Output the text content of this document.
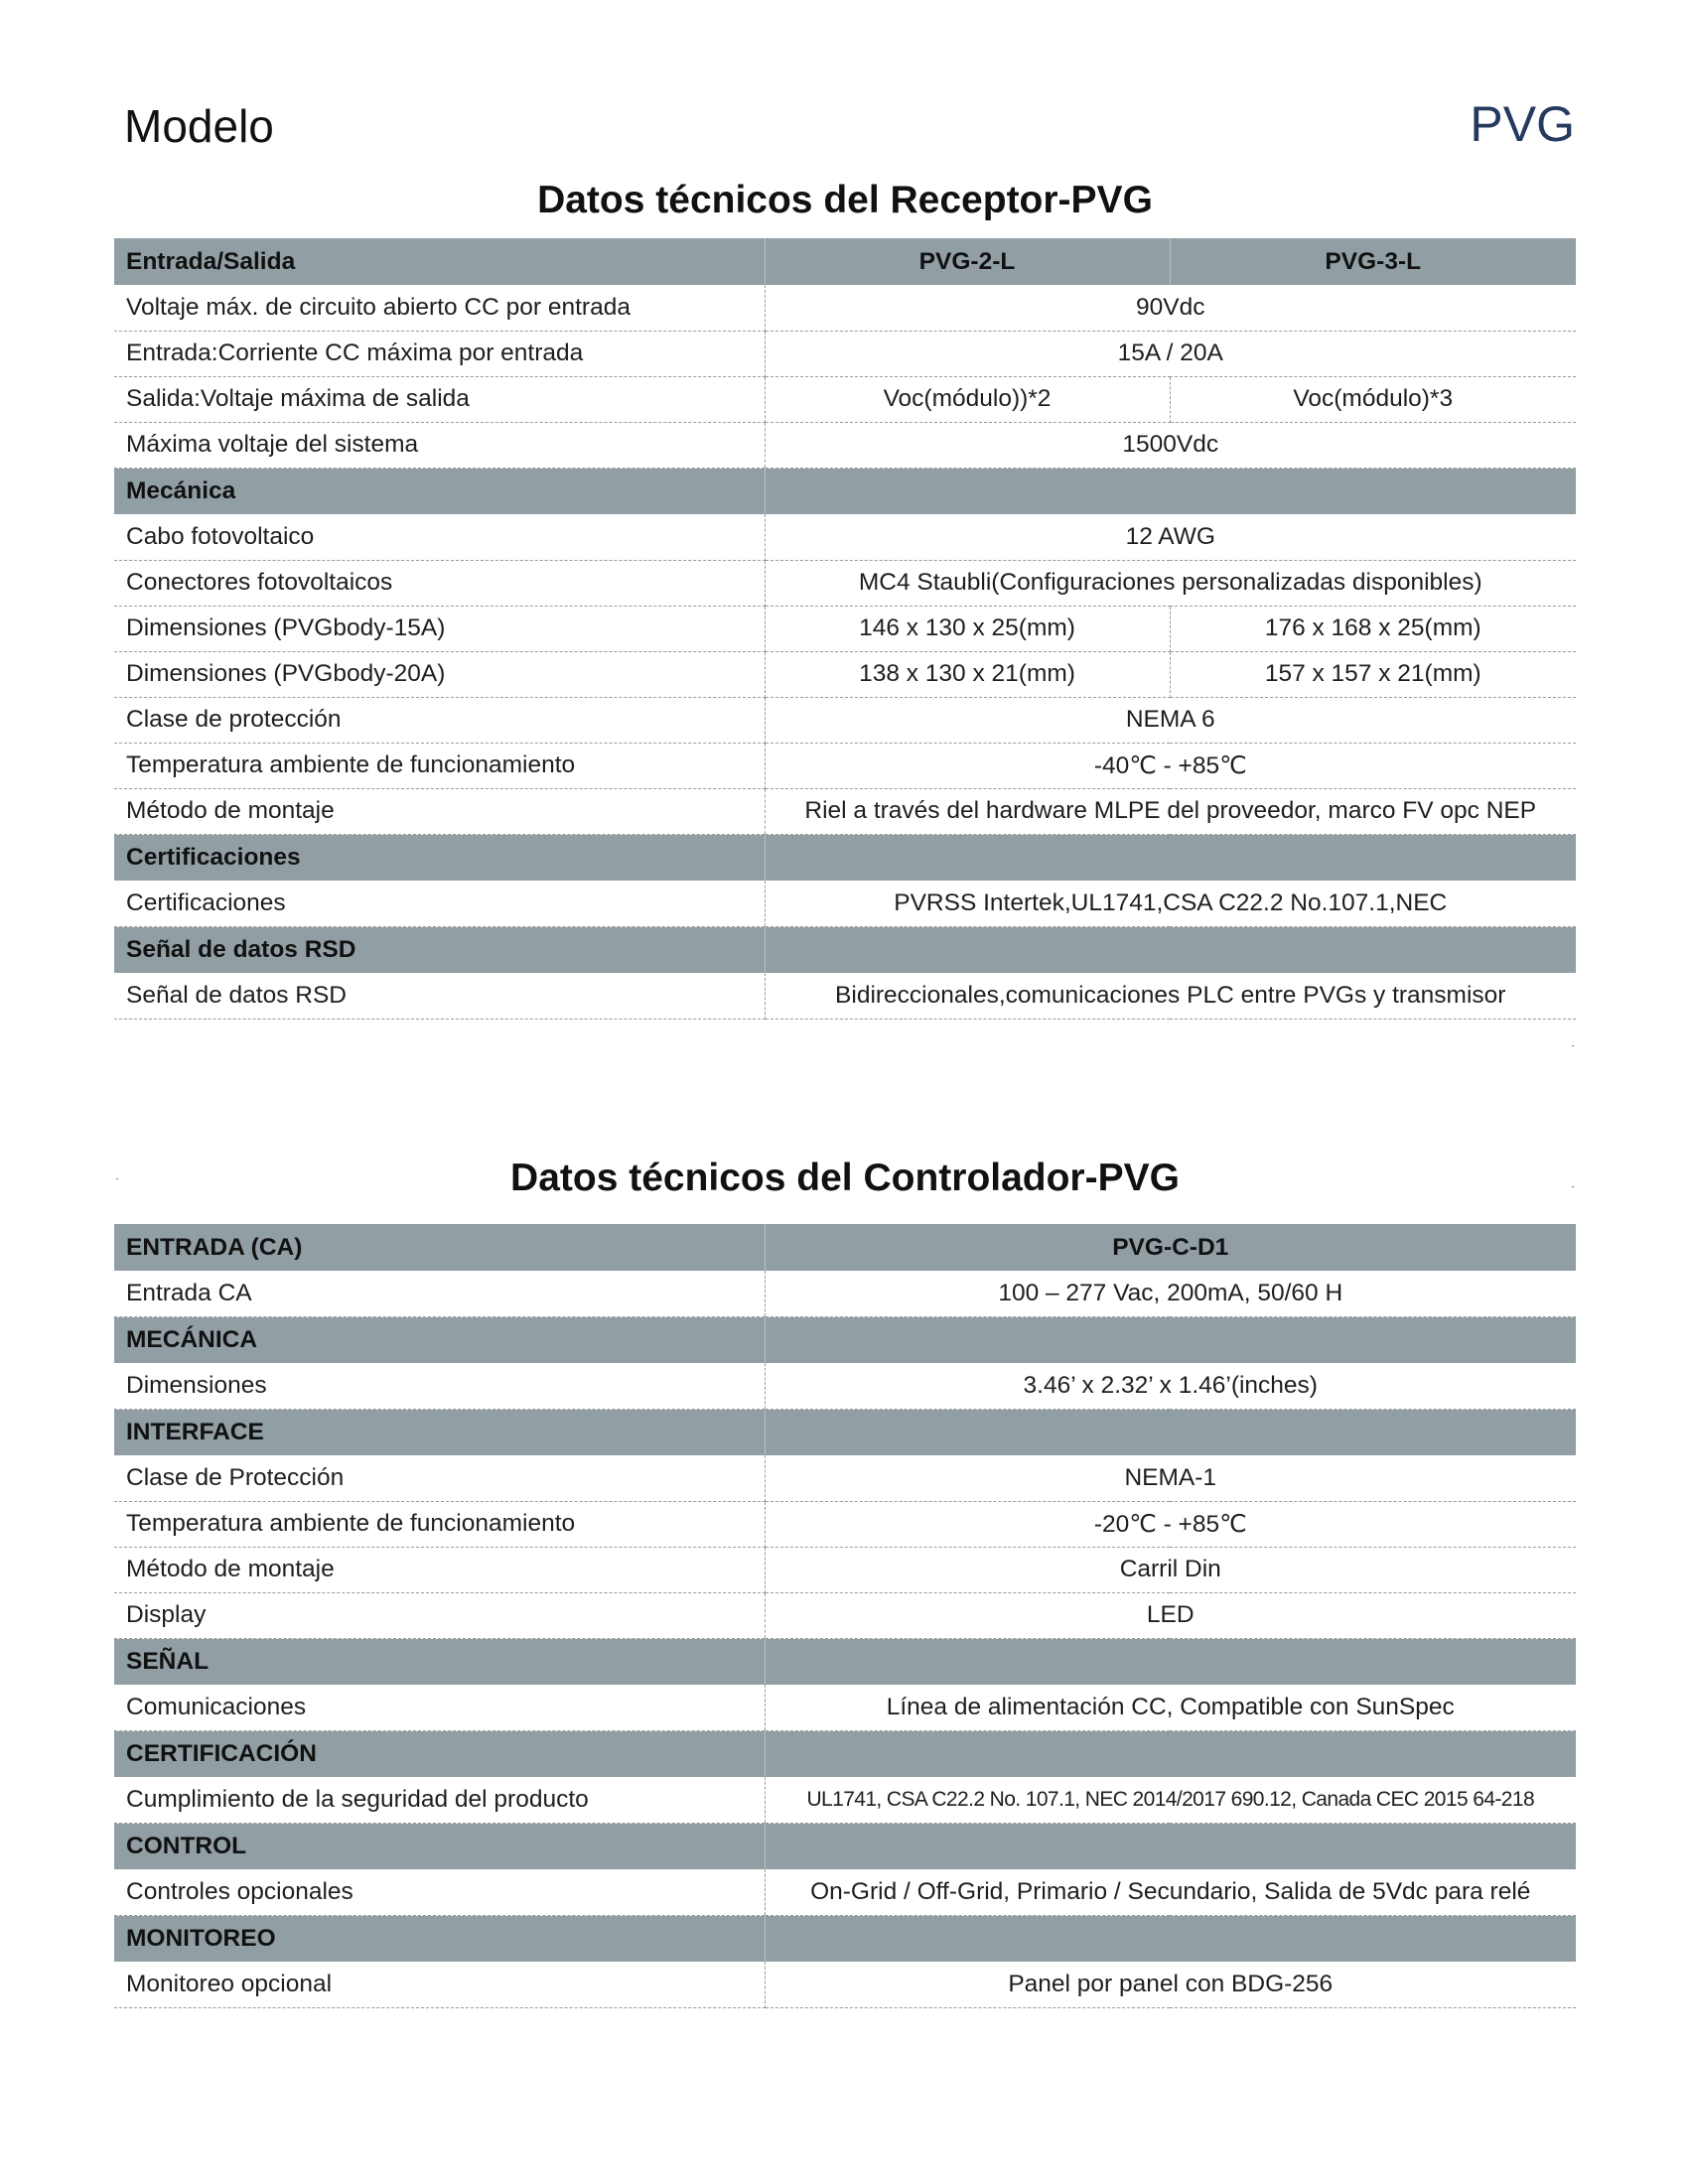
Modelo	PVG
Datos técnicos del Receptor-PVG
Entrada/Salida	PVG-2-L	PVG-3-L
Voltaje máx. de circuito abierto CC por entrada	90Vdc	
Entrada:Corriente CC máxima por entrada	15A / 20A	
Salida:Voltaje máxima de salida	Voc(módulo))*2	Voc(módulo)*3
Máxima voltaje del sistema	1500Vdc	
Mecánica		
Cabo fotovoltaico	12 AWG	
Conectores fotovoltaicos	MC4 Staubli(Configuraciones personalizadas disponibles)	
Dimensiones (PVGbody-15A)	146 x 130 x 25(mm)	176 x 168 x 25(mm)
Dimensiones (PVGbody-20A)	138 x 130 x 21(mm)	157 x 157 x 21(mm)
Clase de protección	NEMA 6	
Temperatura ambiente de funcionamiento	-40℃ - +85℃	
Método de montaje	Riel a través del hardware MLPE del proveedor, marco FV opc NEP	
Certificaciones		
Certificaciones	PVRSS Intertek,UL1741,CSA C22.2 No.107.1,NEC	
Señal de datos RSD		
Señal de datos RSD	Bidireccionales,comunicaciones PLC entre PVGs y transmisor	
Datos técnicos del Controlador-PVG
ENTRADA (CA)	PVG-C-D1
Entrada CA	100 – 277 Vac, 200mA, 50/60 H
MECÁNICA	
Dimensiones	3.46’ x 2.32’ x 1.46’(inches)
INTERFACE	
Clase de Protección	NEMA-1
Temperatura ambiente de funcionamiento	-20℃ - +85℃
Método de montaje	Carril Din
Display	LED
SEÑAL	
Comunicaciones	Línea de alimentación CC, Compatible con SunSpec
CERTIFICACIÓN	
Cumplimiento de la seguridad del producto	UL1741, CSA C22.2 No. 107.1, NEC 2014/2017 690.12, Canada CEC 2015 64-218
CONTROL	
Controles opcionales	On-Grid / Off-Grid, Primario / Secundario, Salida de 5Vdc para relé
MONITOREO	
Monitoreo opcional	Panel por panel con BDG-256
